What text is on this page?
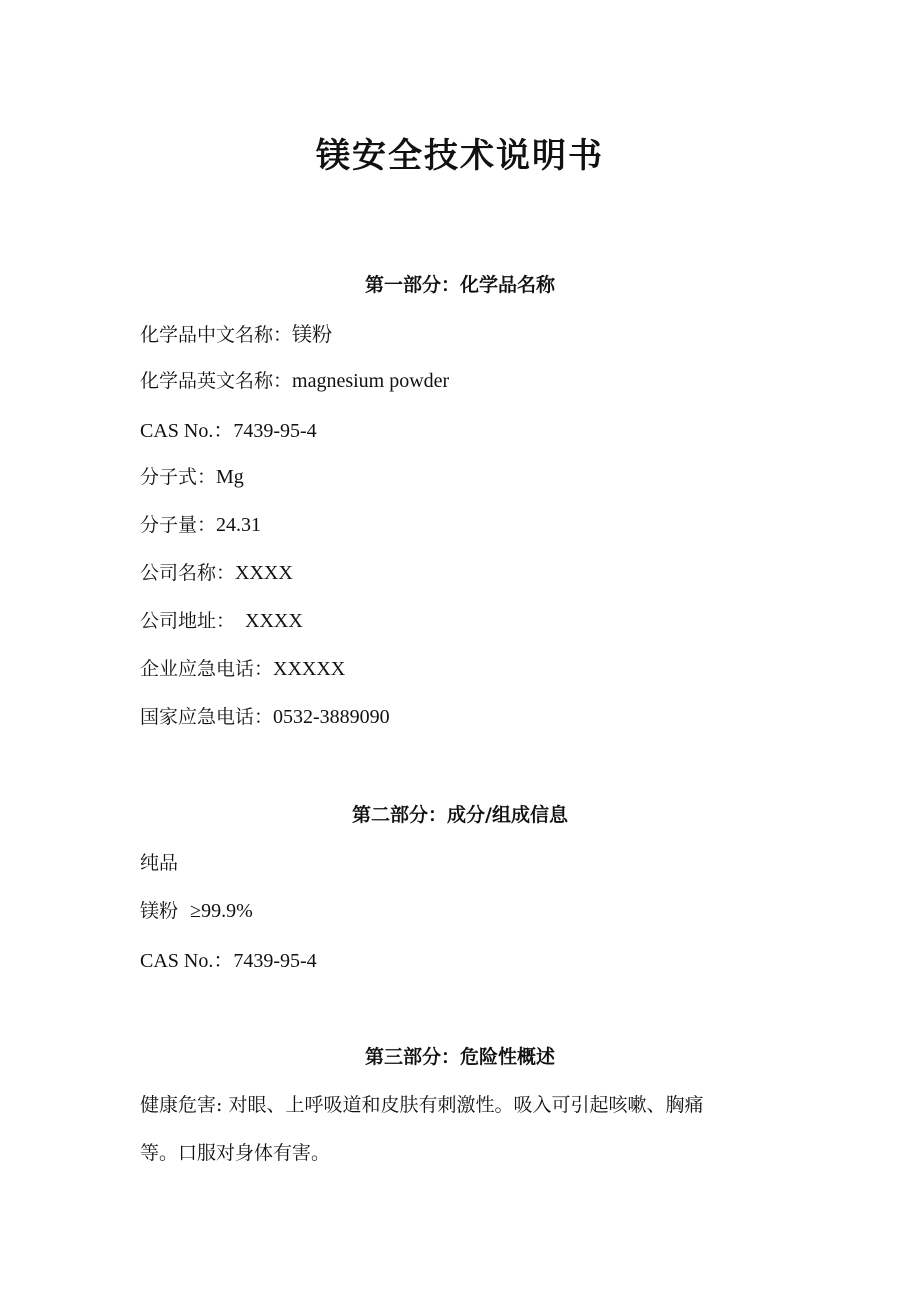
镁安全技术说明书
第一部分：化学品名称

化学品中文名称：镁粉

化学品英文名称：magnesium powder

CAS No.：7439-95-4

分子式：Mg

分子量：24.31

公司名称：XXXX

公司地址：  XXXX

企业应急电话：XXXXX

国家应急电话：0532-3889090

第二部分：成分/组成信息

纯品

镁粉  ≥99.9%

CAS No.：7439-95-4

第三部分：危险性概述

健康危害: 对眼、上呼吸道和皮肤有刺激性。吸入可引起咳嗽、胸痛

等。口服对身体有害。
